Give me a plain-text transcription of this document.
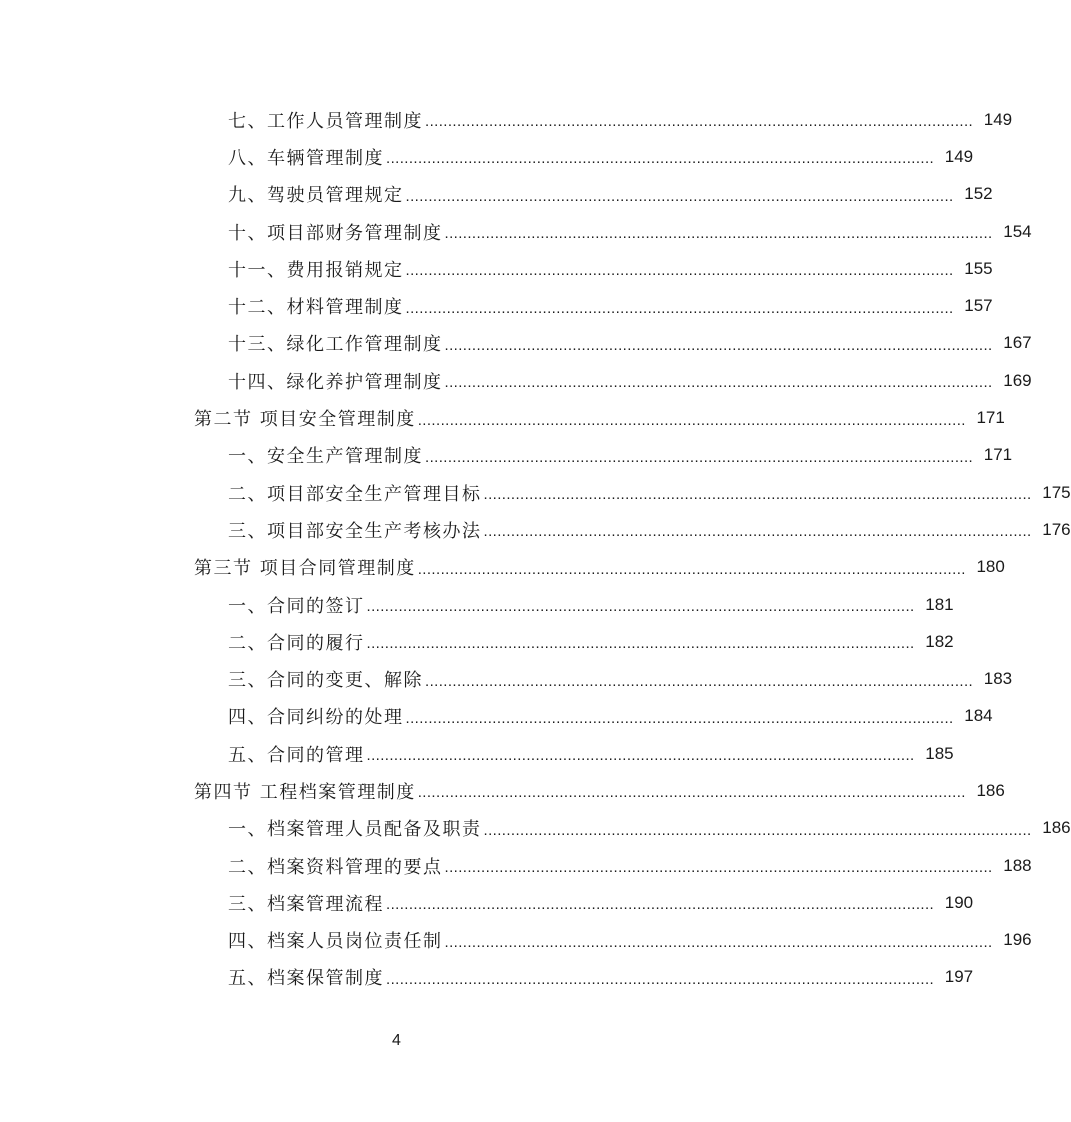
七、工作人员管理制度 ........................................................................................................................ 149
八、车辆管理制度 ........................................................................................................................ 149
九、驾驶员管理规定 ........................................................................................................................ 152
十、项目部财务管理制度 ........................................................................................................................ 154
十一、费用报销规定 ........................................................................................................................ 155
十二、材料管理制度 ........................................................................................................................ 157
十三、绿化工作管理制度 ........................................................................................................................ 167
十四、绿化养护管理制度 ........................................................................................................................ 169
第二节 项目安全管理制度 ........................................................................................................................ 171
一、安全生产管理制度 ........................................................................................................................ 171
二、项目部安全生产管理目标 ........................................................................................................................ 175
三、项目部安全生产考核办法 ........................................................................................................................ 176
第三节 项目合同管理制度 ........................................................................................................................ 180
一、合同的签订 ........................................................................................................................ 181
二、合同的履行 ........................................................................................................................ 182
三、合同的变更、解除 ........................................................................................................................ 183
四、合同纠纷的处理 ........................................................................................................................ 184
五、合同的管理 ........................................................................................................................ 185
第四节 工程档案管理制度 ........................................................................................................................ 186
一、档案管理人员配备及职责 ........................................................................................................................ 186
二、档案资料管理的要点 ........................................................................................................................ 188
三、档案管理流程 ........................................................................................................................ 190
四、档案人员岗位责任制 ........................................................................................................................ 196
五、档案保管制度 ........................................................................................................................ 197
4
